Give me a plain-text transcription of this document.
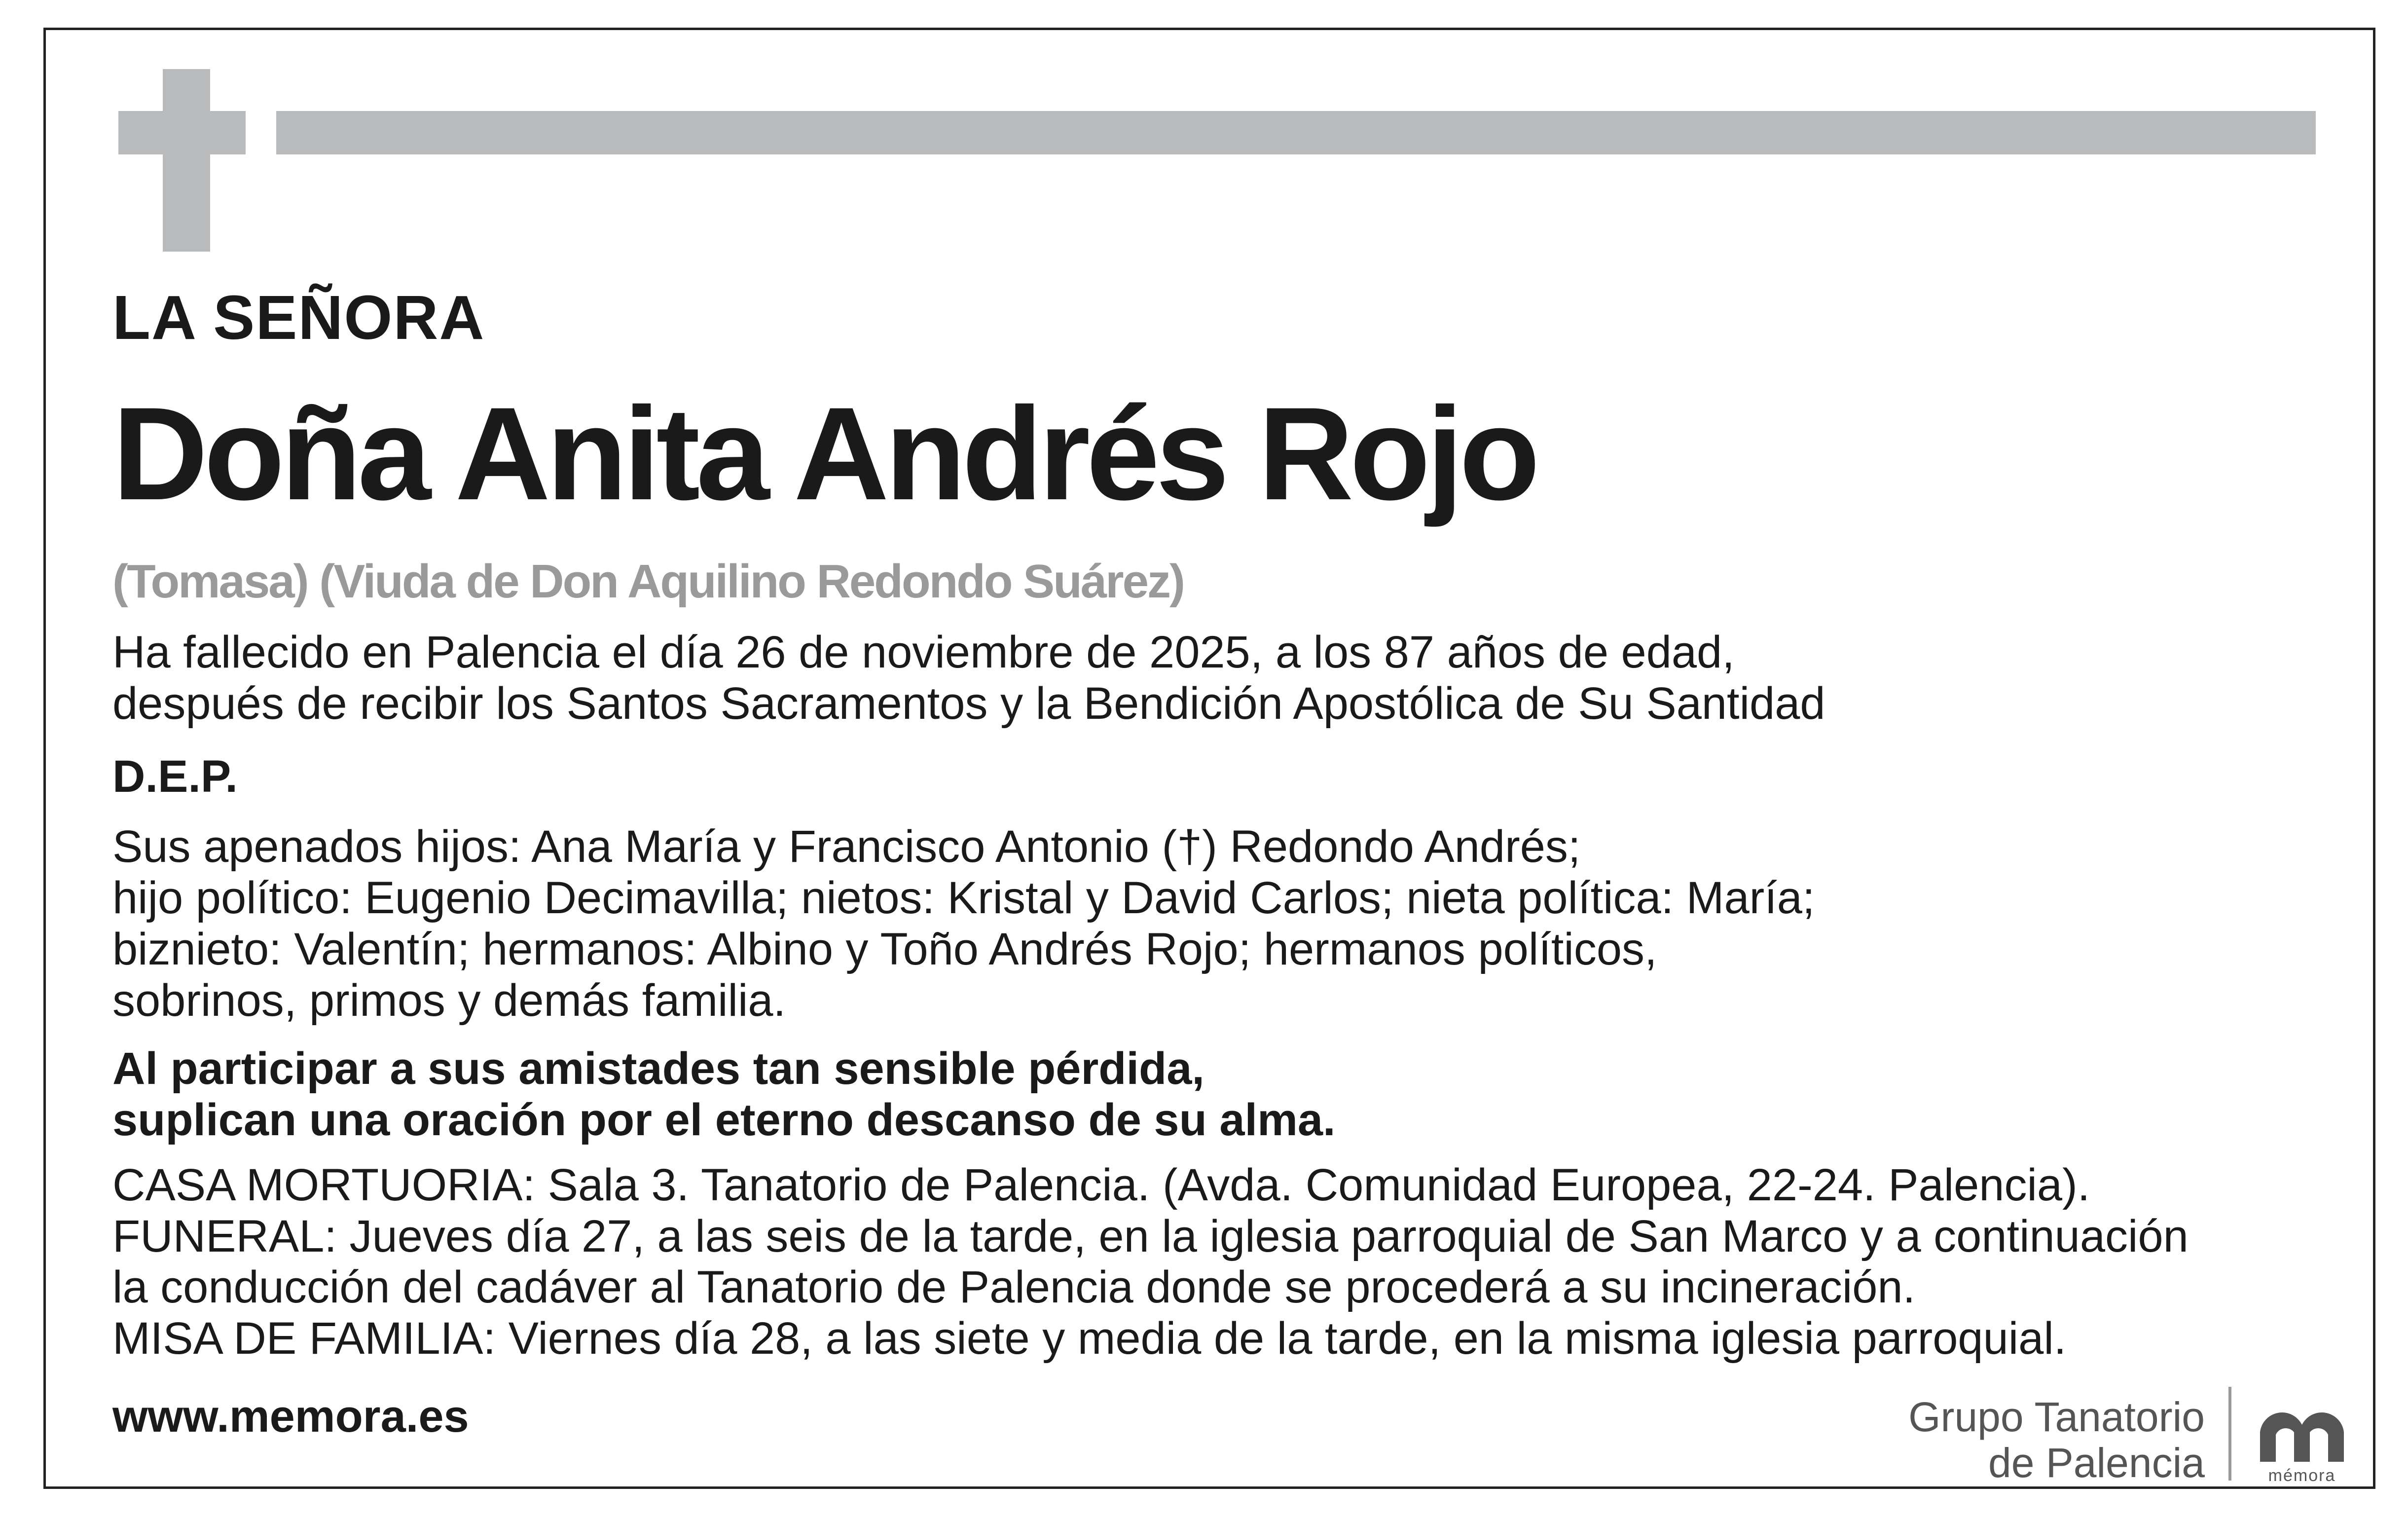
LA SEÑORA
Doña Anita Andrés Rojo
(Tomasa) (Viuda de Don Aquilino Redondo Suárez)

Ha fallecido en Palencia el día 26 de noviembre de 2025, a los 87 años de edad,

después de recibir los Santos Sacramentos y la Bendición Apostólica de Su Santidad

D.E.P.

Sus apenados hijos: Ana María y Francisco Antonio (†) Redondo Andrés;

hijo político: Eugenio Decimavilla; nietos: Kristal y David Carlos; nieta política: María;

biznieto: Valentín; hermanos: Albino y Toño Andrés Rojo; hermanos políticos,

sobrinos, primos y demás familia.

Al participar a sus amistades tan sensible pérdida,

suplican una oración por el eterno descanso de su alma.

CASA MORTUORIA: Sala 3. Tanatorio de Palencia. (Avda. Comunidad Europea, 22-24. Palencia).

FUNERAL: Jueves día 27, a las seis de la tarde, en la iglesia parroquial de San Marco y a continuación

la conducción del cadáver al Tanatorio de Palencia donde se procederá a su incineración.

MISA DE FAMILIA: Viernes día 28, a las siete y media de la tarde, en la misma iglesia parroquial.

www.memora.es	Grupo Tanatorio
de Palencia	mémora
